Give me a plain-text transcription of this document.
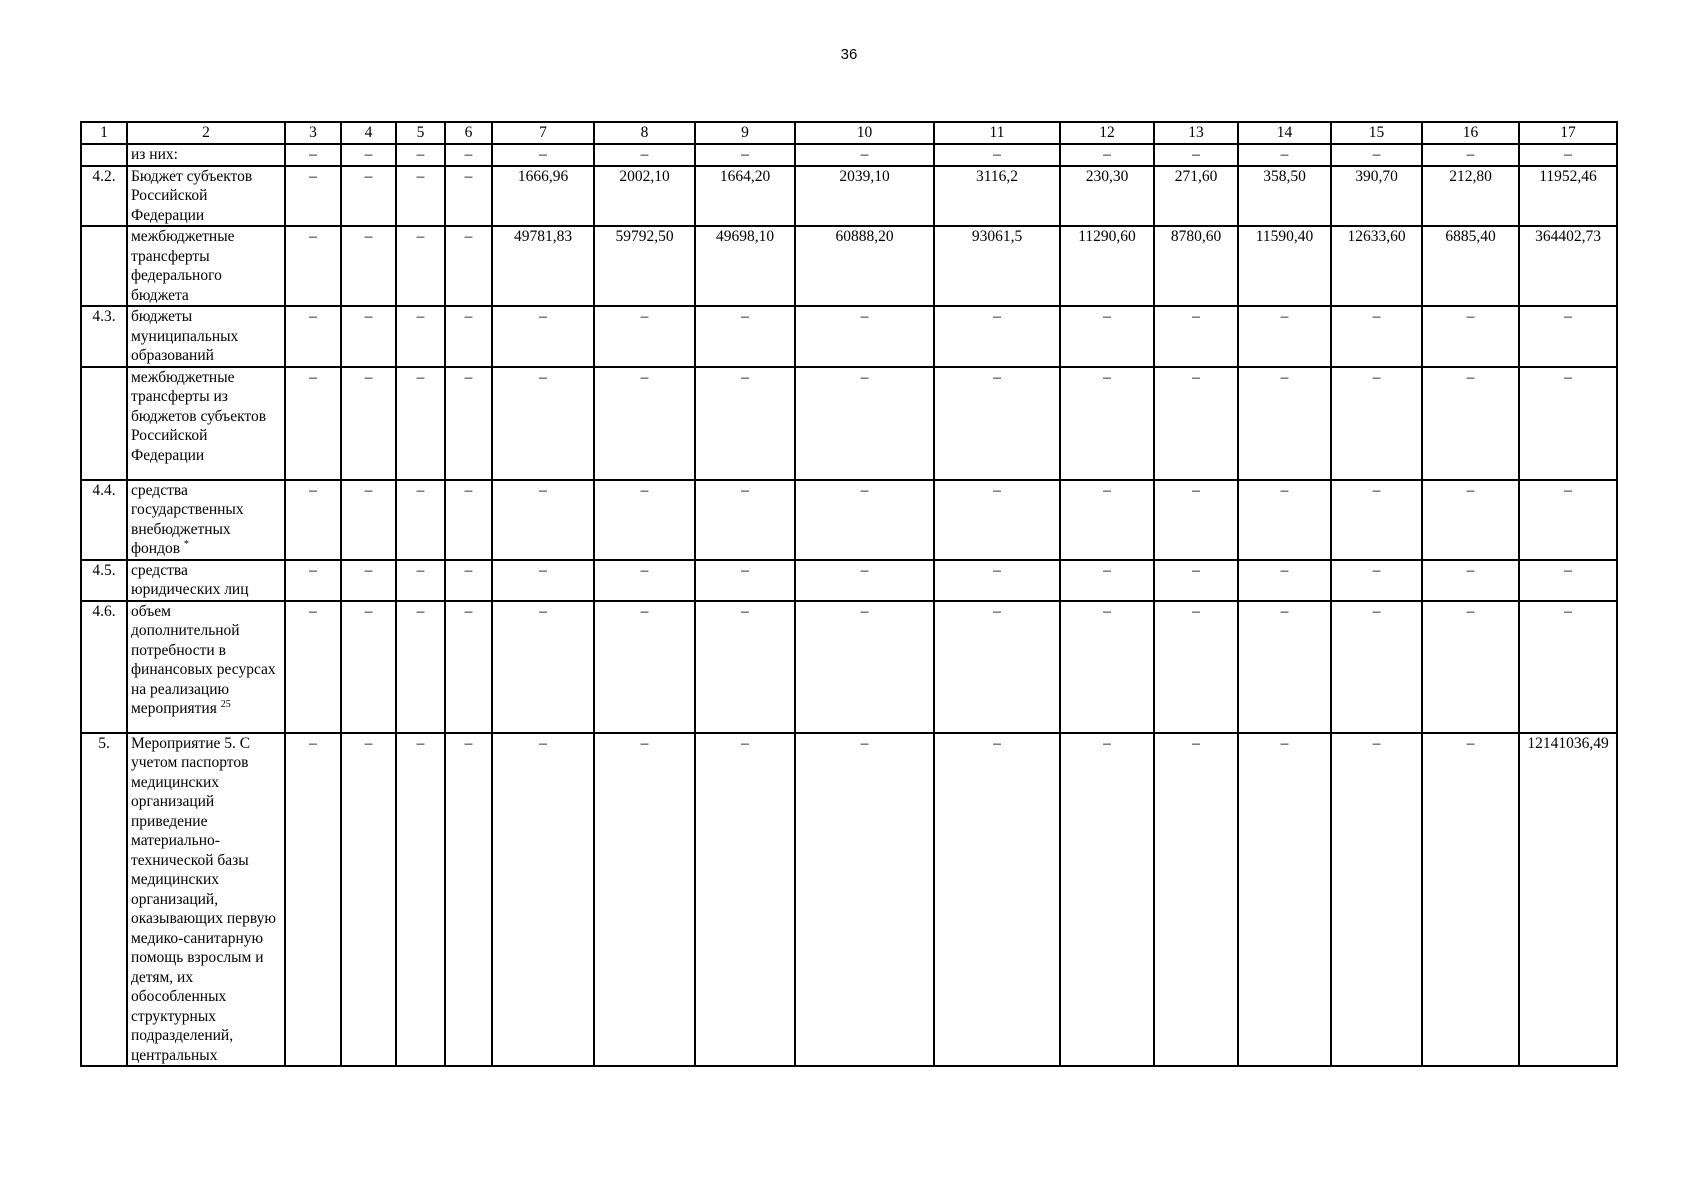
36
1	2	3	4	5	6	7	8	9	10	11	12	13	14	15	16	17
	из них:	–	–	–	–	–	–	–	–	–	–	–	–	–	–	–
4.2.	Бюджет субъектов Российской Федерации	–	–	–	–	1666,96	2002,10	1664,20	2039,10	3116,2	230,30	271,60	358,50	390,70	212,80	11952,46
	межбюджетные трансферты федерального бюджета	–	–	–	–	49781,83	59792,50	49698,10	60888,20	93061,5	11290,60	8780,60	11590,40	12633,60	6885,40	364402,73
4.3.	бюджеты муниципальных образований	–	–	–	–	–	–	–	–	–	–	–	–	–	–	–
	межбюджетные трансферты из бюджетов субъектов Российской Федерации	–	–	–	–	–	–	–	–	–	–	–	–	–	–	–
4.4.	средства государственных внебюджетных фондов *	–	–	–	–	–	–	–	–	–	–	–	–	–	–	–
4.5.	средства юридических лиц	–	–	–	–	–	–	–	–	–	–	–	–	–	–	–
4.6.	объем дополнительной потребности в финансовых ресурсах на реализацию мероприятия $^{25}$	–	–	–	–	–	–	–	–	–	–	–	–	–	–	–
5.	Мероприятие 5. С учетом паспортов медицинских организаций приведение материально-технической базы медицинских организаций, оказывающих первую медико-санитарную помощь взрослым и детям, их обособленных структурных подразделений, центральных	–	–	–	–	–	–	–	–	–	–	–	–	–	–	12141036,49
